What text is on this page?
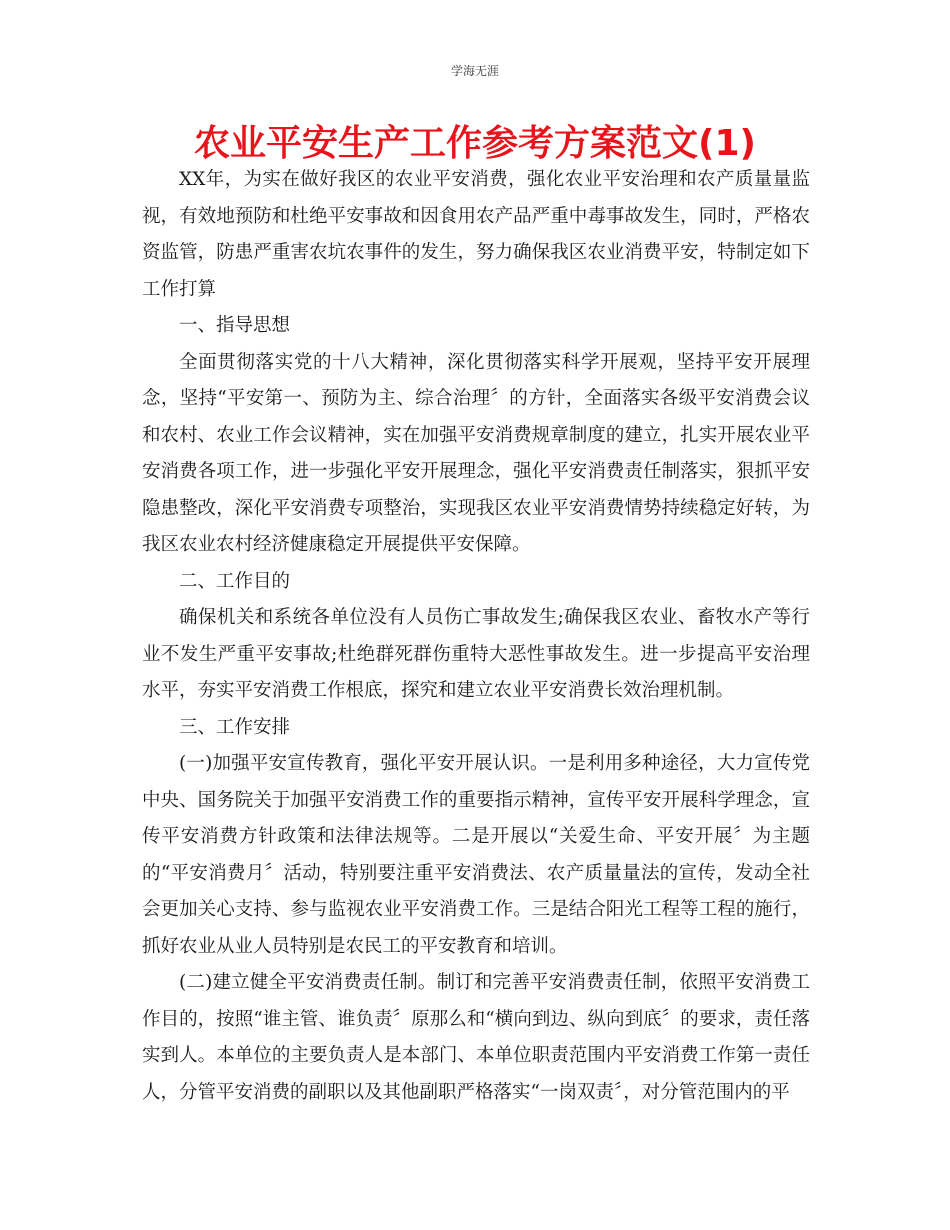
学海无涯
农业平安生产工作参考方案范文(1)

XX年，为实在做好我区的农业平安消费，强化农业平安治理和农产质量量监视，有效地预防和杜绝平安事故和因食用农产品严重中毒事故发生，同时，严格农资监管，防患严重害农坑农事件的发生，努力确保我区农业消费平安，特制定如下工作打算

一、指导思想

全面贯彻落实党的十八大精神，深化贯彻落实科学开展观，坚持平安开展理念，坚持“平安第一、预防为主、综合治理〞的方针，全面落实各级平安消费会议和农村、农业工作会议精神，实在加强平安消费规章制度的建立，扎实开展农业平安消费各项工作，进一步强化平安开展理念，强化平安消费责任制落实，狠抓平安隐患整改，深化平安消费专项整治，实现我区农业平安消费情势持续稳定好转，为我区农业农村经济健康稳定开展提供平安保障。

二、工作目的

确保机关和系统各单位没有人员伤亡事故发生;确保我区农业、畜牧水产等行业不发生严重平安事故;杜绝群死群伤重特大恶性事故发生。进一步提高平安治理水平，夯实平安消费工作根底，探究和建立农业平安消费长效治理机制。

三、工作安排

(一)加强平安宣传教育，强化平安开展认识。一是利用多种途径，大力宣传党中央、国务院关于加强平安消费工作的重要指示精神，宣传平安开展科学理念，宣传平安消费方针政策和法律法规等。二是开展以“关爱生命、平安开展〞为主题的“平安消费月〞活动，特别要注重平安消费法、农产质量量法的宣传，发动全社会更加关心支持、参与监视农业平安消费工作。三是结合阳光工程等工程的施行，抓好农业从业人员特别是农民工的平安教育和培训。

(二)建立健全平安消费责任制。制订和完善平安消费责任制，依照平安消费工作目的，按照“谁主管、谁负责〞原那么和“横向到边、纵向到底〞的要求，责任落实到人。本单位的主要负责人是本部门、本单位职责范围内平安消费工作第一责任人，分管平安消费的副职以及其他副职严格落实“一岗双责〞，对分管范围内的平
